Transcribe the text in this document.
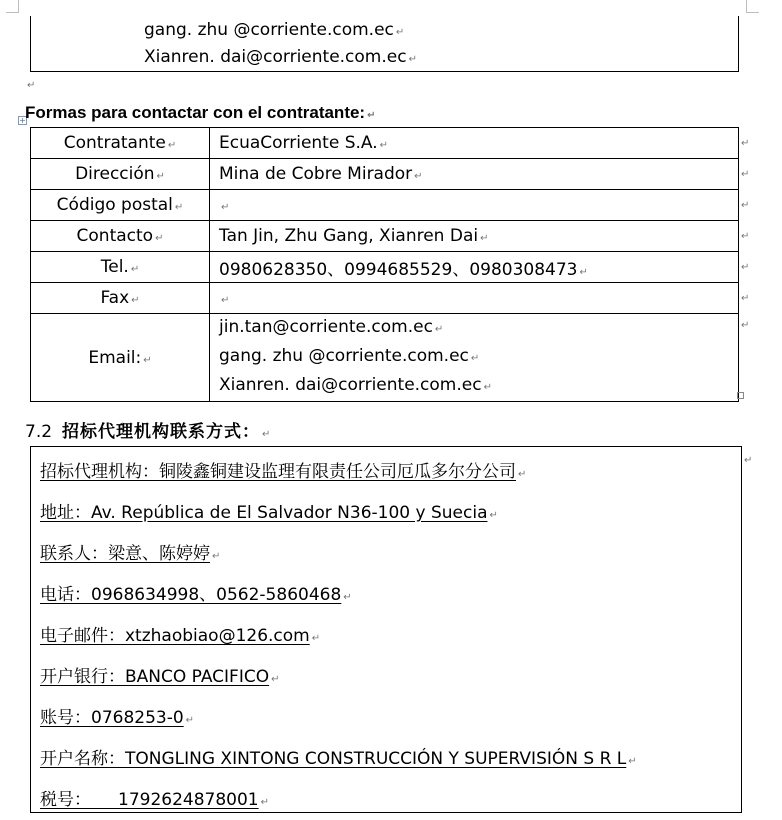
gang. zhu @corriente.com.ec ↵
Xianren. dai@corriente.com.ec ↵
↵
+ Formas para contactar con el contratante: ↵
Contratante ↵	EcuaCorriente S.A. ↵
Dirección ↵	Mina de Cobre Mirador ↵
Código postal ↵	↵
Contacto ↵	Tan Jin, Zhu Gang, Xianren Dai ↵
Tel. ↵	0980628350、0994685529、0980308473 ↵
Fax ↵	↵
Email: ↵	jin.tan@corriente.com.ec ↵
gang. zhu @corriente.com.ec ↵
Xianren. dai@corriente.com.ec ↵
↵
↵
↵
↵
↵
↵
↵
7.2 招标代理机构联系方式： ↵
招标代理机构：铜陵鑫铜建设监理有限责任公司厄瓜多尔分公司 ↵
地址：Av. República de El Salvador N36-100 y Suecia ↵
联系人：梁意、陈婷婷 ↵
电话：0968634998、0562-5860468 ↵
电子邮件：xtzhaobiao@126.com ↵
开户银行：BANCO PACIFICO ↵
账号：0768253-0 ↵
开户名称：TONGLING XINTONG CONSTRUCCIÓN Y SUPERVISIÓN S R L ↵
税号：     1792624878001 ↵
↵
